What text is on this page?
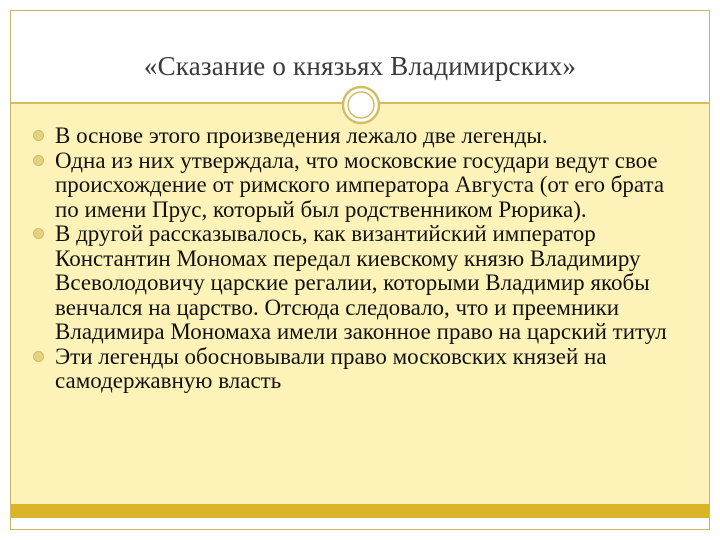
«Сказание о князьях Владимирских»
В основе этого произведения лежало две легенды.
Одна из них утверждала, что московские государи ведут свое происхождение от римского императора Августа (от его брата по имени Прус, который был родственником Рюрика).
В другой рассказывалось, как византийский император Константин Мономах передал киевскому князю Владимиру Всеволодовичу царские регалии, которыми Владимир якобы венчался на царство. Отсюда следовало, что и преемники Владимира Мономаха имели законное право на царский титул
Эти легенды обосновывали право московских князей на самодержавную власть
